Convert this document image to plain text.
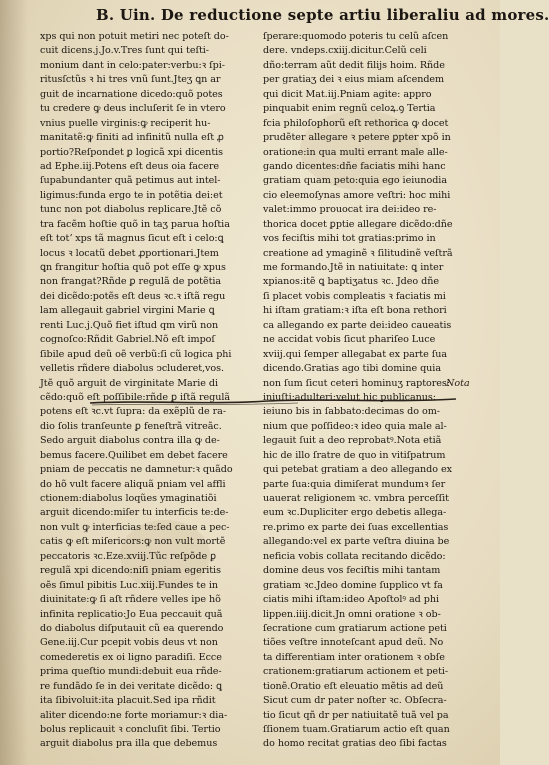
B. Uin. De reductione septe artiu liberaliu ad mores.
xps qui non potuit metiri nec poteſt do-
cuit dicens.j.Jo.v.Tres ſunt qui teſti-
monium dant in celo:pater:verbu:ꝛ ſpi-
ritusſctũs ꝛ hi tres vnũ ſunt.Jteʒ ꝗn ar
guit de incarnatione dicedo:quõ potes
tu credere ꝙ deus incluſerit ſe in vtero
vnius puelle virginis:ꝙ reciperit hu-
manitatẽ:ꝙ finiti ad infinitũ nulla eſt ꝓ
portio?Reſpondet ꝑ logicã xpi dicentis
ad Ephe.iij.Potens eſt deus oia facere
ſupabundanter quã petimus aut intel-
ligimus:funda ergo te in potẽtia dei:et
tunc non pot diabolus replicare.Jtẽ cõ
tra facẽm hoſtie quõ in taʒ parua hoſtia
eſt totʼ xps tã magnus ſicut eſt i celo:ꝗ
locus ꝛ locatũ debet ꝓportionari.Jtem
ꝗn frangitur hoſtia quõ pot eſſe ꝙ xpus
non frangat?Rñde ꝑ regulã de potẽtia
dei dicẽdo:potẽs eſt deus ꝛc.ꝛ iſtã regu
lam allegauit gabriel virgini Marie ꝗ
renti Luc.j.Quõ fiet iſtud qm virũ non
cognoſco:Rñdit Gabriel.Nõ eſt impoſ
ſibile apud deũ oẽ verbũ:ſi cũ logica phi
velletis rñdere diabolus ↄcluderet,vos.
Jtẽ quõ arguit de virginitate Marie di
cẽdo:quõ eſt poſſibile:rñde ꝑ iſtã regulã
potens eſt ꝛc.vt ſupra: da exẽplũ de ra-
dio ſolis tranſeunte ꝑ feneſtrã vitreãc.
Sedo arguit diabolus contra illa ꝙ de-
bemus facere.Quilibet em debet facere
pniam de peccatis ne damnetur:ꝛ quãdo
do hõ vult facere aliquã pniam vel affli
ctionem:diabolus loqũes ymaginatiõi
arguit dicendo:miſer tu interficis te:de-
non vult ꝙ interficias te:ſed caue a pec-
catis ꝙ eſt miſericors:ꝙ non vult mortẽ
peccatoris ꝛc.Eze.xviij.Tũc reſpõde ꝑ
regulã xpi dicendo:niſi pniam egeritis
oẽs ſimul pibitis Luc.xiij.Fundes te in
diuinitate:ꝙ ſi aſt rñdere velles ipe hõ
infinita replicatio:Jo Eua peccauit quã
do diabolus diſputauit cũ ea querendo
Gene.iij.Cur pcepit vobis deus vt non
comederetis ex oi ligno paradiſi. Ecce
prima queſtio mundi:debuit eua rñde-
re fundãdo ſe in dei veritate dicẽdo: ꝗ
ita ſibivoluit:ita placuit.Sed ipa rñdit
aliter dicendo:ne forte moriamur:ꝛ dia-
bolus replicauit ꝛ concluſit ſibi. Tertio
arguit diabolus pra illa que debemus
ſperare:quomodo poteris tu celũ aſcen
dere. vndeps.cxiij.dicitur.Celũ celi
dño:terram aũt dedit filijs hoim. Rñde
per gratiaʒ dei ꝛ eius miam aſcendem
qui dicit Mat.iij.Pniam agite: appro
pinquabit enim regnũ celoꝝ.ꝯ Tertia
fcia philoſophorũ eſt rethorica ꝙ docet
prudẽter allegare ꝛ petere ꝑpter xpõ in
oratione:in qua multi errant male alle-
gando dicentes:dñe faciatis mihi hanc
gratiam quam peto:quia ego ieiunodia
cio eleemoſynas amore veſtri: hoc mihi
valet:immo prouocat ira dei:ideo re-
thorica docet ꝑptie allegare dicẽdo:dñe
vos feciſtis mihi tot gratias:primo in
creatione ad ymaginẽ ꝛ ſilitudinẽ veſtrã
me formando.Jtẽ in natiuitate: ꝗ inter
xpianos:itẽ ꝗ baptiʒatus ꝛc. Jdeo dñe
ſi placet vobis compleatis ꝛ faciatis mi
hi iſtam gratiam:ꝛ iſta eſt bona rethori
ca allegando ex parte dei:ideo caueatis
ne accidat vobis ſicut phariſeo Luce
xviij.qui ſemper allegabat ex parte ſua
dicendo.Gratias ago tibi domine quia
non ſum ſicut ceteri hominuʒ raptores:
iniuſti:adulteri:velut hic publicanus:
ieiuno bis in ſabbato:decimas do om-
nium que poſſideo:ꝛ ideo quia male al-
legauit ſuit a deo reprobatꝰ.Nota etiã
hic de illo ſratre de quo in vitiſpatrum
qui petebat gratiam a deo allegando ex
parte ſua:quia dimiſerat mundumꝛ ſer
uauerat religionem ꝛc. vmbra perceſſit
eum ꝛc.Dupliciter ergo debetis allega-
re.primo ex parte dei ſuas excellentias
allegando:vel ex parte veſtra diuina be
neficia vobis collata recitando dicẽdo:
domine deus vos feciſtis mihi tantam
gratiam ꝛc.Jdeo domine ſupplico vt fa
ciatis mihi iſtam:ideo Apoſtolꝰ ad phi
lippen.iiij.dicit.Jn omni oratione ꝛ ob-
ſecratione cum gratiarum actione peti
tiões veſtre innoteſcant apud deũ. No
ta differentiam inter orationem ꝛ obſe
crationem:gratiarum actionem et peti-
tionẽ.Oratio eſt eleuatio mẽtis ad deũ
Sicut cum dr pater noſter ꝛc. Obſecra-
tio ſicut qñ dr per natiuitatẽ tuã vel pa
ſſionem tuam.Gratiarum actio eſt quan
do homo recitat gratias deo ſibi factas
Nota
